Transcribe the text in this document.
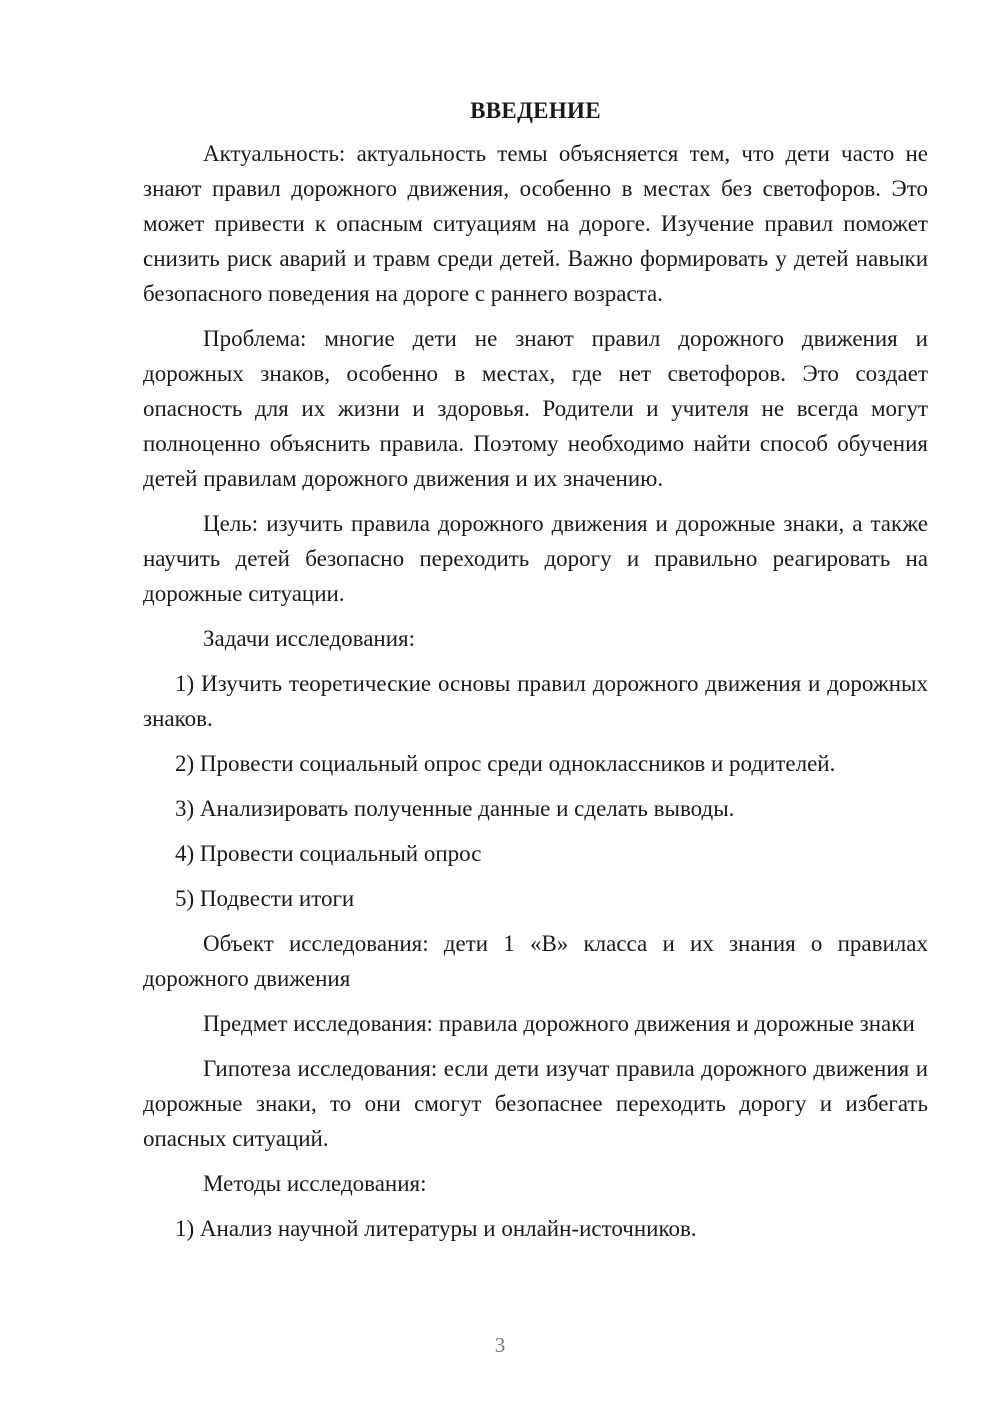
ВВЕДЕНИЕ

Актуальность: актуальность темы объясняется тем, что дети часто не знают правил дорожного движения, особенно в местах без светофоров. Это может привести к опасным ситуациям на дороге. Изучение правил поможет снизить риск аварий и травм среди детей. Важно формировать у детей навыки безопасного поведения на дороге с раннего возраста.

Проблема: многие дети не знают правил дорожного движения и дорожных знаков, особенно в местах, где нет светофоров. Это создает опасность для их жизни и здоровья. Родители и учителя не всегда могут полноценно объяснить правила. Поэтому необходимо найти способ обучения детей правилам дорожного движения и их значению.

Цель: изучить правила дорожного движения и дорожные знаки, а также научить детей безопасно переходить дорогу и правильно реагировать на дорожные ситуации.

Задачи исследования:

1) Изучить теоретические основы правил дорожного движения и дорожных знаков.

2) Провести социальный опрос среди одноклассников и родителей.

3) Анализировать полученные данные и сделать выводы.

4) Провести социальный опрос

5) Подвести итоги

Объект исследования: дети 1 «В» класса и их знания о правилах дорожного движения

Предмет исследования: правила дорожного движения и дорожные знаки

Гипотеза исследования: если дети изучат правила дорожного движения и дорожные знаки, то они смогут безопаснее переходить дорогу и избегать опасных ситуаций.

Методы исследования:

1) Анализ научной литературы и онлайн-источников.

3
